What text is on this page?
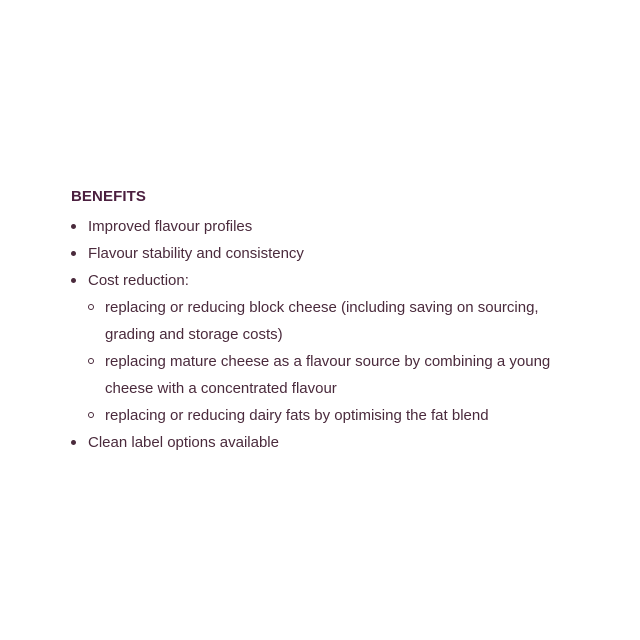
BENEFITS
Improved flavour profiles
Flavour stability and consistency
Cost reduction:
replacing or reducing block cheese (including saving on sourcing, grading and storage costs)
replacing mature cheese as a flavour source by combining a young cheese with a concentrated flavour
replacing or reducing dairy fats by optimising the fat blend
Clean label options available
